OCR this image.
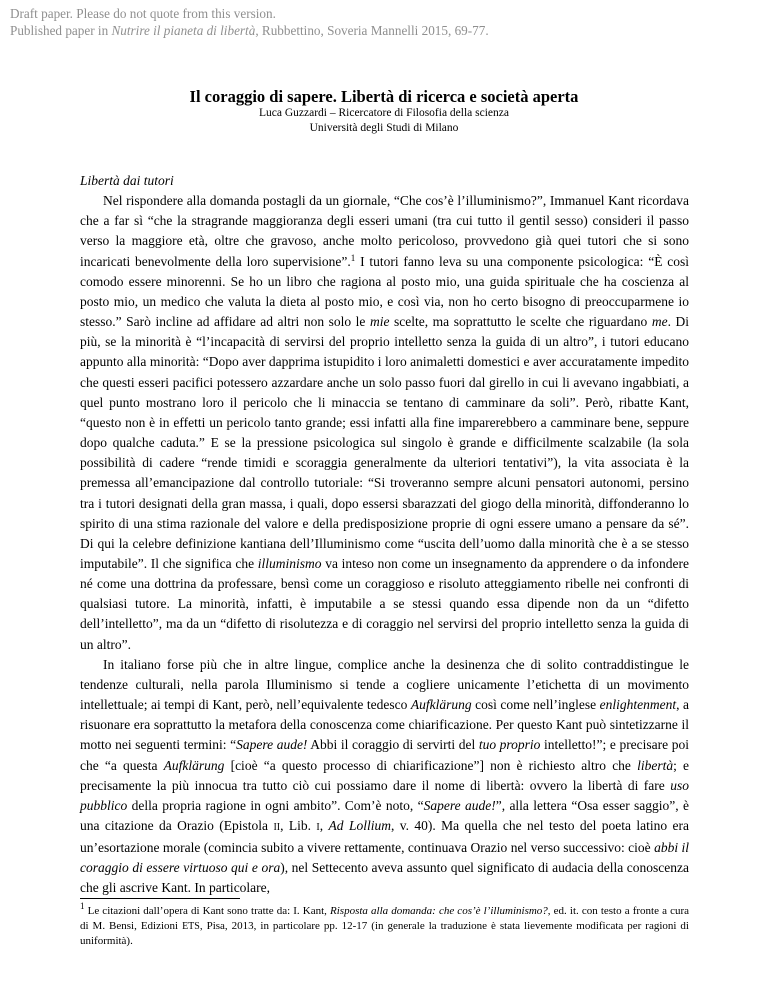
Draft paper. Please do not quote from this version.
Published paper in Nutrire il pianeta di libertà, Rubbettino, Soveria Mannelli 2015, 69-77.
Il coraggio di sapere. Libertà di ricerca e società aperta
Luca Guzzardi – Ricercatore di Filosofia della scienza
Università degli Studi di Milano

Libertà dai tutori

Nel rispondere alla domanda postagli da un giornale, “Che cos’è l’illuminismo?”, Immanuel Kant ricordava che a far sì “che la stragrande maggioranza degli esseri umani (tra cui tutto il gentil sesso) consideri il passo verso la maggiore età, oltre che gravoso, anche molto pericoloso, provvedono già quei tutori che si sono incaricati benevolmente della loro supervisione”.$^1$ I tutori fanno leva su una componente psicologica: “È così comodo essere minorenni. Se ho un libro che ragiona al posto mio, una guida spirituale che ha coscienza al posto mio, un medico che valuta la dieta al posto mio, e così via, non ho certo bisogno di preoccuparmene io stesso.” Sarò incline ad affidare ad altri non solo le mie scelte, ma soprattutto le scelte che riguardano me. Di più, se la minorità è “l’incapacità di servirsi del proprio intelletto senza la guida di un altro”, i tutori educano appunto alla minorità: “Dopo aver dapprima istupidito i loro animaletti domestici e aver accuratamente impedito che questi esseri pacifici potessero azzardare anche un solo passo fuori dal girello in cui li avevano ingabbiati, a quel punto mostrano loro il pericolo che li minaccia se tentano di camminare da soli”. Però, ribatte Kant, “questo non è in effetti un pericolo tanto grande; essi infatti alla fine imparerebbero a camminare bene, seppure dopo qualche caduta.” E se la pressione psicologica sul singolo è grande e difficilmente scalzabile (la sola possibilità di cadere “rende timidi e scoraggia generalmente da ulteriori tentativi”), la vita associata è la premessa all’emancipazione dal controllo tutoriale: “Si troveranno sempre alcuni pensatori autonomi, persino tra i tutori designati della gran massa, i quali, dopo essersi sbarazzati del giogo della minorità, diffonderanno lo spirito di una stima razionale del valore e della predisposizione proprie di ogni essere umano a pensare da sé”. Di qui la celebre definizione kantiana dell’Illuminismo come “uscita dell’uomo dalla minorità che è a se stesso imputabile”. Il che significa che illuminismo va inteso non come un insegnamento da apprendere o da infondere né come una dottrina da professare, bensì come un coraggioso e risoluto atteggiamento ribelle nei confronti di qualsiasi tutore. La minorità, infatti, è imputabile a se stessi quando essa dipende non da un “difetto dell’intelletto”, ma da un “difetto di risolutezza e di coraggio nel servirsi del proprio intelletto senza la guida di un altro”.

In italiano forse più che in altre lingue, complice anche la desinenza che di solito contraddistingue le tendenze culturali, nella parola Illuminismo si tende a cogliere unicamente l’etichetta di un movimento intellettuale; ai tempi di Kant, però, nell’equivalente tedesco Aufklärung così come nell’inglese enlightenment, a risuonare era soprattutto la metafora della conoscenza come chiarificazione. Per questo Kant può sintetizzarne il motto nei seguenti termini: “Sapere aude! Abbi il coraggio di servirti del tuo proprio intelletto!”; e precisare poi che “a questa Aufklärung [cioè “a questo processo di chiarificazione”] non è richiesto altro che libertà; e precisamente la più innocua tra tutto ciò cui possiamo dare il nome di libertà: ovvero la libertà di fare uso pubblico della propria ragione in ogni ambito”. Com’è noto, “Sapere aude!”, alla lettera “Osa esser saggio”, è una citazione da Orazio (Epistola II, Lib. I, Ad Lollium, v. 40). Ma quella che nel testo del poeta latino era un’esortazione morale (comincia subito a vivere rettamente, continuava Orazio nel verso successivo: cioè abbi il coraggio di essere virtuoso qui e ora), nel Settecento aveva assunto quel significato di audacia della conoscenza che gli ascrive Kant. In particolare,

$^1$ Le citazioni dall’opera di Kant sono tratte da: I. Kant, Risposta alla domanda: che cos’è l’illuminismo?, ed. it. con testo a fronte a cura di M. Bensi, Edizioni ETS, Pisa, 2013, in particolare pp. 12-17 (in generale la traduzione è stata lievemente modificata per ragioni di uniformità).
